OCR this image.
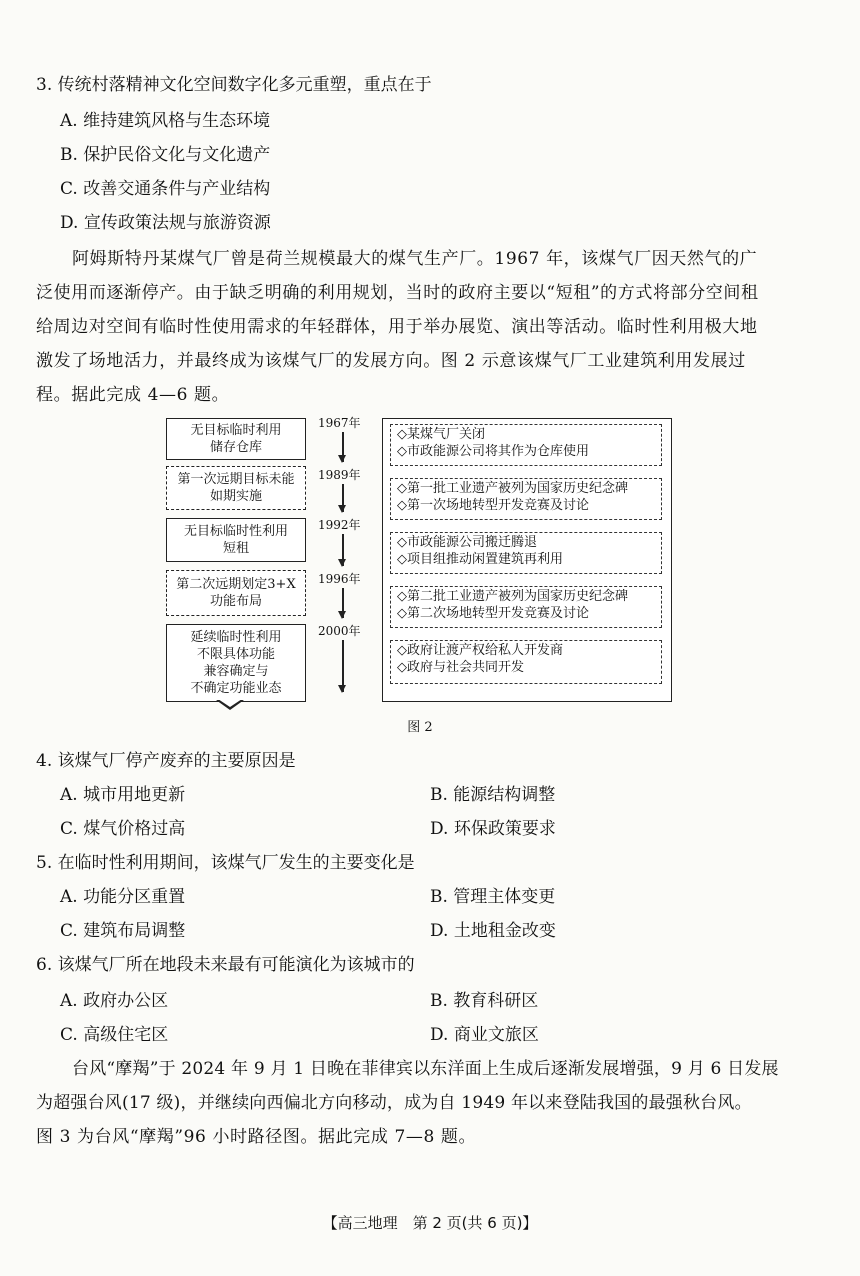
3. 传统村落精神文化空间数字化多元重塑，重点在于
A. 维持建筑风格与生态环境
B. 保护民俗文化与文化遗产
C. 改善交通条件与产业结构
D. 宣传政策法规与旅游资源
阿姆斯特丹某煤气厂曾是荷兰规模最大的煤气生产厂。1967 年，该煤气厂因天然气的广
泛使用而逐渐停产。由于缺乏明确的利用规划，当时的政府主要以“短租”的方式将部分空间租
给周边对空间有临时性使用需求的年轻群体，用于举办展览、演出等活动。临时性利用极大地
激发了场地活力，并最终成为该煤气厂的发展方向。图 2 示意该煤气厂工业建筑利用发展过
程。据此完成 4—6 题。
无目标临时利用
储存仓库
第一次远期目标未能
如期实施
无目标临时性利用
短租
第二次远期划定3+X
功能布局
延续临时性利用
不限具体功能
兼容确定与
不确定功能业态
1967年
1989年
1992年
1996年
2000年
◇某煤气厂关闭
◇市政能源公司将其作为仓库使用
◇第一批工业遗产被列为国家历史纪念碑
◇第一次场地转型开发竞赛及讨论
◇市政能源公司搬迁腾退
◇项目组推动闲置建筑再利用
◇第二批工业遗产被列为国家历史纪念碑
◇第二次场地转型开发竞赛及讨论
◇政府让渡产权给私人开发商
◇政府与社会共同开发
图 2
4. 该煤气厂停产废弃的主要原因是
A. 城市用地更新	B. 能源结构调整
C. 煤气价格过高	D. 环保政策要求
5. 在临时性利用期间，该煤气厂发生的主要变化是
A. 功能分区重置	B. 管理主体变更
C. 建筑布局调整	D. 土地租金改变
6. 该煤气厂所在地段未来最有可能演化为该城市的
A. 政府办公区	B. 教育科研区
C. 高级住宅区	D. 商业文旅区
台风“摩羯”于 2024 年 9 月 1 日晚在菲律宾以东洋面上生成后逐渐发展增强，9 月 6 日发展
为超强台风(17 级)，并继续向西偏北方向移动，成为自 1949 年以来登陆我国的最强秋台风。
图 3 为台风“摩羯”96 小时路径图。据此完成 7—8 题。
【高三地理　第 2 页(共 6 页)】
